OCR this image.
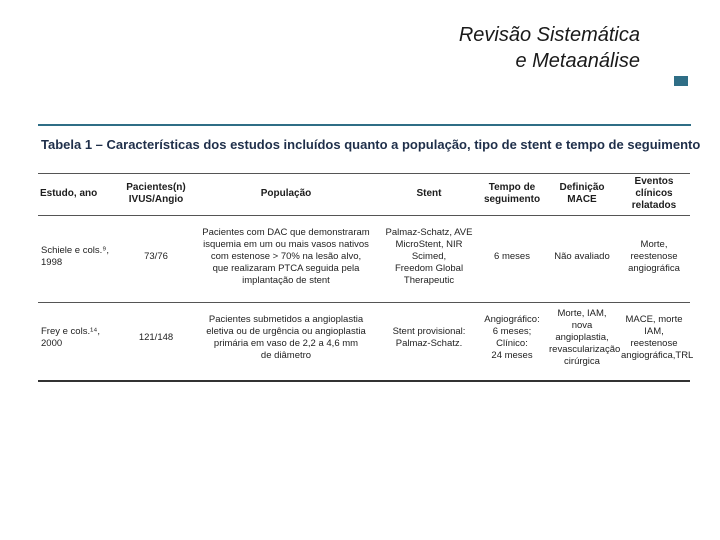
Revisão Sistemática
e Metaanálise
Tabela 1 – Características dos estudos incluídos quanto a população, tipo de stent e tempo de seguimento
Estudo, ano	Pacientes(n)
IVUS/Angio	População	Stent	Tempo de
seguimento	Definição
MACE	Eventos clínicos
relatados
Schiele e cols.⁹,
1998	73/76	Pacientes com DAC que demonstraram
isquemia em um ou mais vasos nativos
com estenose > 70% na lesão alvo,
que realizaram PTCA seguida pela
implantação de stent	Palmaz-Schatz, AVE
MicroStent, NIR Scimed,
Freedom Global
Therapeutic	6 meses	Não avaliado	Morte, reestenose
angiográfica
Frey e cols.¹⁴,
2000	121/148	Pacientes submetidos a angioplastia
eletiva ou de urgência ou angioplastia
primária em vaso de 2,2 a 4,6 mm
de diâmetro	Stent provisional:
Palmaz-Schatz.	Angiográfico:
6 meses;
Clínico:
24 meses	Morte, IAM, nova
angioplastia,
revascularização
cirúrgica	MACE, morte
IAM, reestenose
angiográfica,TRL
